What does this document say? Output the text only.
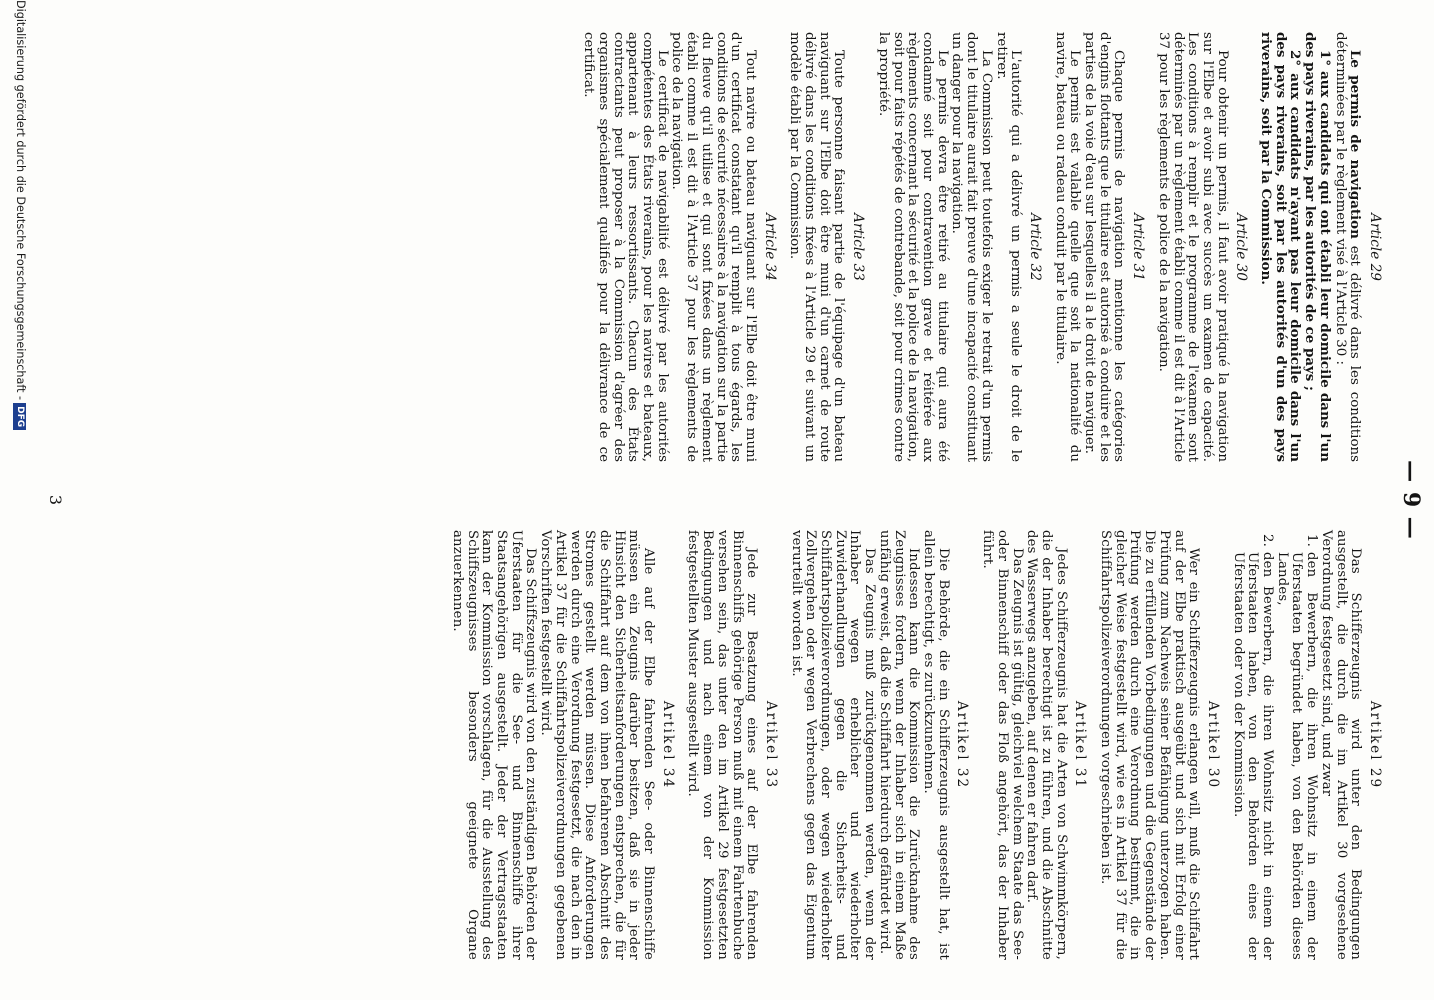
— 9 —
Article 29

Le permis de navigation est délivré dans les conditions déterminées par le règlement visé à l'Article 30 :

1° aux candidats qui ont établi leur domicile dans l'un des pays riverains, par les autorités de ce pays ;

2° aux candidats n'ayant pas leur domicile dans l'un des pays riverains, soit par les autorités d'un des pays riverains, soit par la Commission.

Article 30

Pour obtenir un permis, il faut avoir pratiqué la navigation sur l'Elbe et avoir subi avec succès un examen de capacité. Les conditions à remplir et le programme de l'examen sont déterminés par un règlement établi comme il est dit à l'Article 37 pour les règlements de police de la navigation.

Article 31

Chaque permis de navigation mentionne les catégories d'engins flottants que le titulaire est autorisé à conduire et les parties de la voie d'eau sur lesquelles il a le droit de naviguer.

Le permis est valable quelle que soit la nationalité du navire, bateau ou radeau conduit par le titulaire.

Article 32

L'autorité qui a délivré un permis a seule le droit de le retirer.

La Commission peut toutefois exiger le retrait d'un permis dont le titulaire aurait fait preuve d'une incapacité constituant un danger pour la navigation.

Le permis devra être retiré au titulaire qui aura été condamné soit pour contravention grave et réitérée aux règlements concernant la sécurité et la police de la navigation, soit pour faits répétés de contrebande, soit pour crimes contre la propriété.

Article 33

Toute personne faisant partie de l'équipage d'un bateau naviguant sur l'Elbe doit être muni d'un carnet de route délivré dans les conditions fixées à l'Article 29 et suivant un modèle établi par la Commission.

Article 34

Tout navire ou bateau naviguant sur l'Elbe doit être muni d'un certificat constatant qu'il remplit à tous égards, les conditions de sécurité nécessaires à la navigation sur la partie du fleuve qu'il utilise et qui sont fixées dans un règlement établi comme il est dit à l'Article 37 pour les règlements de police de la navigation.

Le certificat de navigabilité est délivré par les autorités compétentes des États riverains, pour les navires et bateaux, appartenant à leurs ressortissants. Chacun des États contractants peut proposer à la Commission d'agréer des organismes spécialement qualifiés pour la délivrance de ce certificat.

Artikel 29

Das Schifferzeugnis wird unter den Bedingungen ausgestellt, die durch die im Artikel 30 vorgesehene Verordnung festgesetzt sind, und zwar

1.
den Bewerbern, die ihren Wohnsitz in einem der Uferstaaten begründet haben, von den Behörden dieses Landes,

2.
den Bewerbern, die ihren Wohnsitz nicht in einem der Uferstaaten haben, von den Behörden eines der Uferstaaten oder von der Kommission.

Artikel 30

Wer ein Schifferzeugnis erlangen will, muß die Schiffahrt auf der Elbe praktisch ausgeübt und sich mit Erfolg einer Prüfung zum Nachweis seiner Befähigung unterzogen haben. Die zu erfüllenden Vorbedingungen und die Gegenstände der Prüfung werden durch eine Verordnung bestimmt, die in gleicher Weise festgestellt wird, wie es in Artikel 37 für die Schiffahrtspolizeiverordnungen vorgeschrieben ist.

Artikel 31

Jedes Schifferzeugnis hat die Arten von Schwimmkörpern, die der Inhaber berechtigt ist zu führen, und die Abschnitte des Wasserwegs anzugeben, auf denen er fahren darf.

Das Zeugnis ist gültig, gleichviel welchem Staate das See- oder Binnenschiff oder das Floß angehört, das der Inhaber führt.

Artikel 32

Die Behörde, die ein Schifferzeugnis ausgestellt hat, ist allein berechtigt, es zurückzunehmen.

Indessen kann die Kommission die Zurücknahme des Zeugnisses fordern, wenn der Inhaber sich in einem Maße unfähig erweist, daß die Schiffahrt hierdurch gefährdet wird.

Das Zeugnis muß zurückgenommen werden, wenn der Inhaber wegen erheblicher und wiederholter Zuwiderhandlungen gegen die Sicherheits- und Schiffahrtspolizeiverordnungen, oder wegen wiederholter Zollvergehen oder wegen Verbrechens gegen das Eigentum verurteilt worden ist.

Artikel 33

Jede zur Besatzung eines auf der Elbe fahrenden Binnenschiffs gehörige Person muß mit einem Fahrtenbuche versehen sein, das unter den im Artikel 29 festgesetzten Bedingungen und nach einem von der Kommission festgestellten Muster ausgestellt wird.

Artikel 34

Alle auf der Elbe fahrenden See- oder Binnenschiffe müssen ein Zeugnis darüber besitzen, daß sie in jeder Hinsicht den Sicherheitsanforderungen entsprechen, die für die Schiffahrt auf dem von ihnen befahrenen Abschnitt des Stromes gestellt werden müssen. Diese Anforderungen werden durch eine Verordnung festgesetzt, die nach den in Artikel 37 für die Schiffahrtspolizeiverordnungen gegebenen Vorschriften festgestellt wird.

Das Schiffszeugnis wird von den zuständigen Behörden der Uferstaaten für die See- und Binnenschiffe ihrer Staatsangehörigen ausgestellt. Jeder der Vertragsstaaten kann der Kommission vorschlagen, für die Ausstellung des Schiffszeugnisses besonders geeignete Organe anzuerkennen.

3
Digitalisierung gefördert durch die Deutsche Forschungsgemeinschaft -DFG
